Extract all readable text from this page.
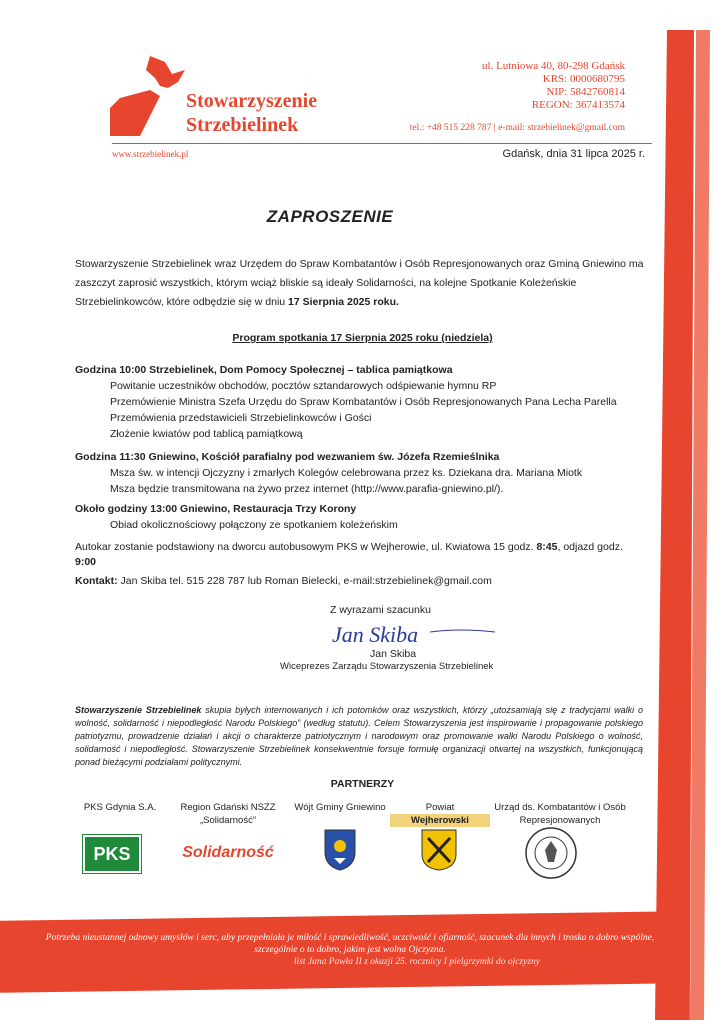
Stowarzyszenie
Strzebielinek
ul. Lutniowa 40, 80-298 Gdańsk
KRS: 0000680795
NIP: 5842760814
REGON: 367413574
tel.: +48 515 228 787 | e-mail: strzebielinek@gmail.com
www.strzebielinek.pl	Gdańsk, dnia 31 lipca 2025 r.
ZAPROSZENIE
Stowarzyszenie Strzebielinek wraz Urzędem do Spraw Kombatantów i Osób Represjonowanych oraz Gminą Gniewino ma zaszczyt zaprosić wszystkich, którym wciąż bliskie są ideały Solidarności, na kolejne Spotkanie Koleżeńskie Strzebielinkowców, które odbędzie się w dniu 17 Sierpnia 2025 roku.
Program spotkania 17 Sierpnia 2025 roku (niedziela)
Godzina 10:00 Strzebielinek, Dom Pomocy Społecznej – tablica pamiątkowa
Powitanie uczestników obchodów, pocztów sztandarowych odśpiewanie hymnu RP
Przemówienie Ministra Szefa Urzędu do Spraw Kombatantów i Osób Represjonowanych Pana Lecha Parella
Przemówienia przedstawicieli Strzebielinkowców i Gości
Złożenie kwiatów pod tablicą pamiątkową
Godzina 11:30 Gniewino, Kościół parafialny pod wezwaniem św. Józefa Rzemieślnika
Msza św. w intencji Ojczyzny i zmarłych Kolegów celebrowana przez ks. Dziekana dra. Mariana Miotk
Msza będzie transmitowana na żywo przez internet (http://www.parafia-gniewino.pl/).
Około godziny 13:00 Gniewino, Restauracja Trzy Korony
Obiad okolicznościowy połączony ze spotkaniem koleżeńskim
Autokar zostanie podstawiony na dworcu autobusowym PKS w Wejherowie, ul. Kwiatowa 15 godz. 8:45, odjazd godz.
9:00
Kontakt: Jan Skiba tel. 515 228 787 lub Roman Bielecki, e-mail:strzebielinek@gmail.com
Z wyrazami szacunku
Jan Skiba
Jan Skiba
Wiceprezes Zarządu Stowarzyszenia Strzebielinek
Stowarzyszenie Strzebielinek skupia byłych internowanych i ich potomków oraz wszystkich, którzy „utożsamiają się z tradycjami walki o wolność, solidarność i niepodległość Narodu Polskiego” (według statutu). Celem Stowarzyszenia jest inspirowanie i propagowanie polskiego patriotyzmu, prowadzenie działań i akcji o charakterze patriotycznym i narodowym oraz promowanie walki Narodu Polskiego o wolność, solidarność i niepodległość. Stowarzyszenie Strzebielinek konsekwentnie forsuje formułę organizacji otwartej na wszystkich, funkcjonującą ponad bieżącymi podziałami politycznymi.
PARTNERZY
PKS Gdynia S.A.
PKS
Region Gdański NSZZ „Solidarność”
Solidarność
Wójt Gminy Gniewino	Powiat
Wejherowski
Urząd ds. Kombatantów i Osób Represjonowanych
Potrzeba nieustannej odnowy umysłów i serc, aby przepełniała je miłość i sprawiedliwość, uczciwość i ofiarność, szacunek dla innych i troska o dobro wspólne, szczególnie o to dobro, jakim jest wolna Ojczyzna.

list Jana Pawła II z okazji 25. rocznicy I pielgrzymki do ojczyzny
